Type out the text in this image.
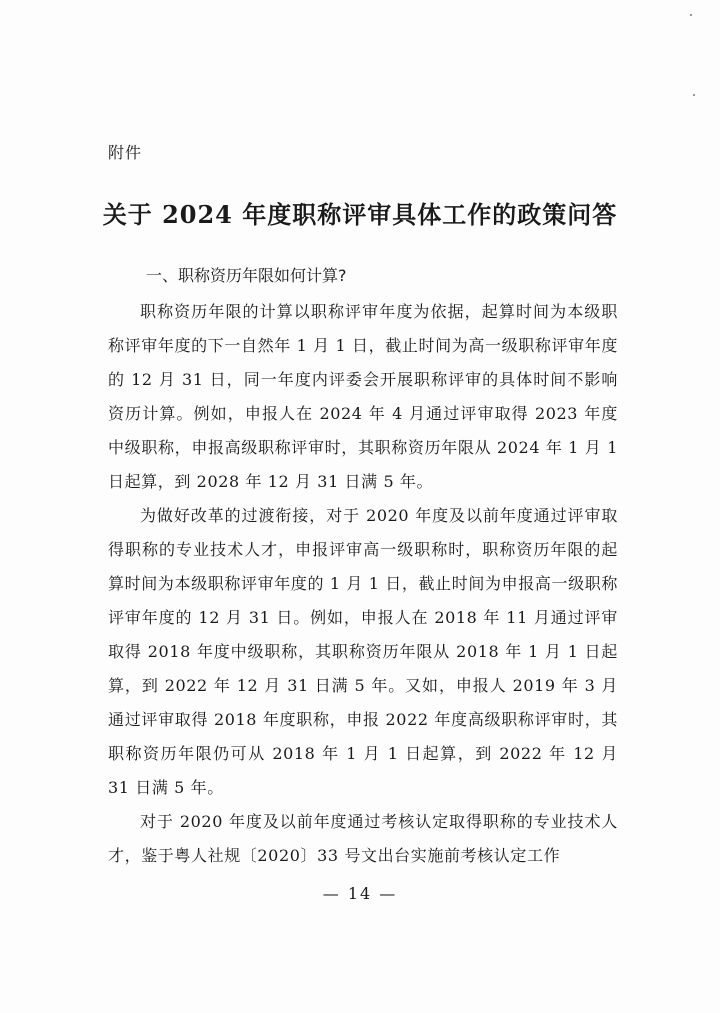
附件
关于 2024 年度职称评审具体工作的政策问答
一、职称资历年限如何计算?

职称资历年限的计算以职称评审年度为依据，起算时间为本级职称评审年度的下一自然年 1 月 1 日，截止时间为高一级职称评审年度的 12 月 31 日，同一年度内评委会开展职称评审的具体时间不影响资历计算。例如，申报人在 2024 年 4 月通过评审取得 2023 年度中级职称，申报高级职称评审时，其职称资历年限从 2024 年 1 月 1 日起算，到 2028 年 12 月 31 日满 5 年。

为做好改革的过渡衔接，对于 2020 年度及以前年度通过评审取得职称的专业技术人才，申报评审高一级职称时，职称资历年限的起算时间为本级职称评审年度的 1 月 1 日，截止时间为申报高一级职称评审年度的 12 月 31 日。例如，申报人在 2018 年 11 月通过评审取得 2018 年度中级职称，其职称资历年限从 2018 年 1 月 1 日起算，到 2022 年 12 月 31 日满 5 年。又如，申报人 2019 年 3 月通过评审取得 2018 年度职称，申报 2022 年度高级职称评审时，其职称资历年限仍可从 2018 年 1 月 1 日起算，到 2022 年 12 月 31 日满 5 年。

对于 2020 年度及以前年度通过考核认定取得职称的专业技术人才，鉴于粤人社规〔2020〕33 号文出台实施前考核认定工作

— 14 —
